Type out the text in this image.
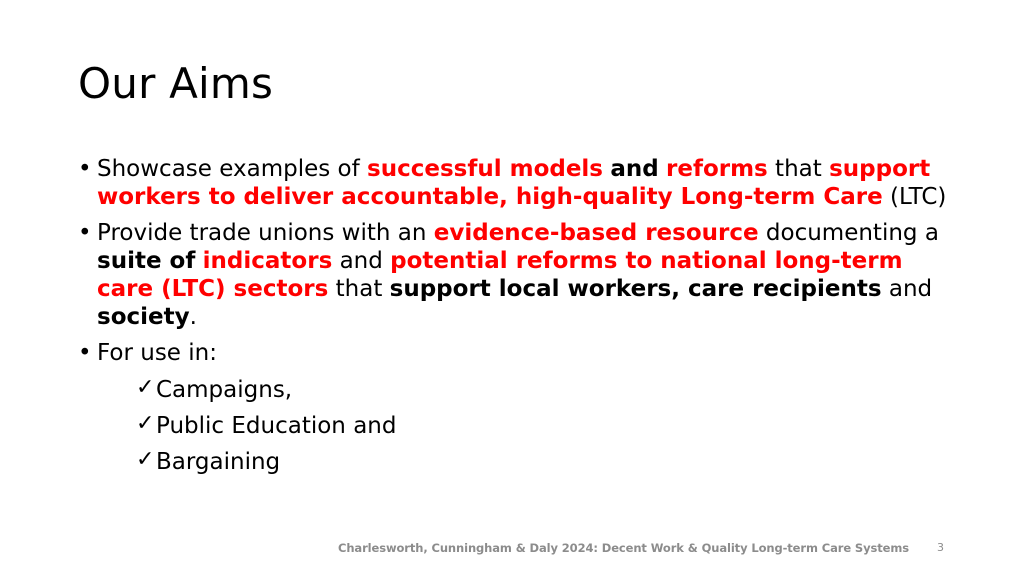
Our Aims
• Showcase examples of successful models and reforms that support workers to deliver accountable, high-quality Long-term Care (LTC)
• Provide trade unions with an evidence-based resource documenting a suite of indicators and potential reforms to national long-term care (LTC) sectors that support local workers, care recipients and society.
• For use in:
✓Campaigns,
✓Public Education and
✓Bargaining
Charlesworth, Cunningham & Daly 2024: Decent Work & Quality Long-term Care Systems	3
